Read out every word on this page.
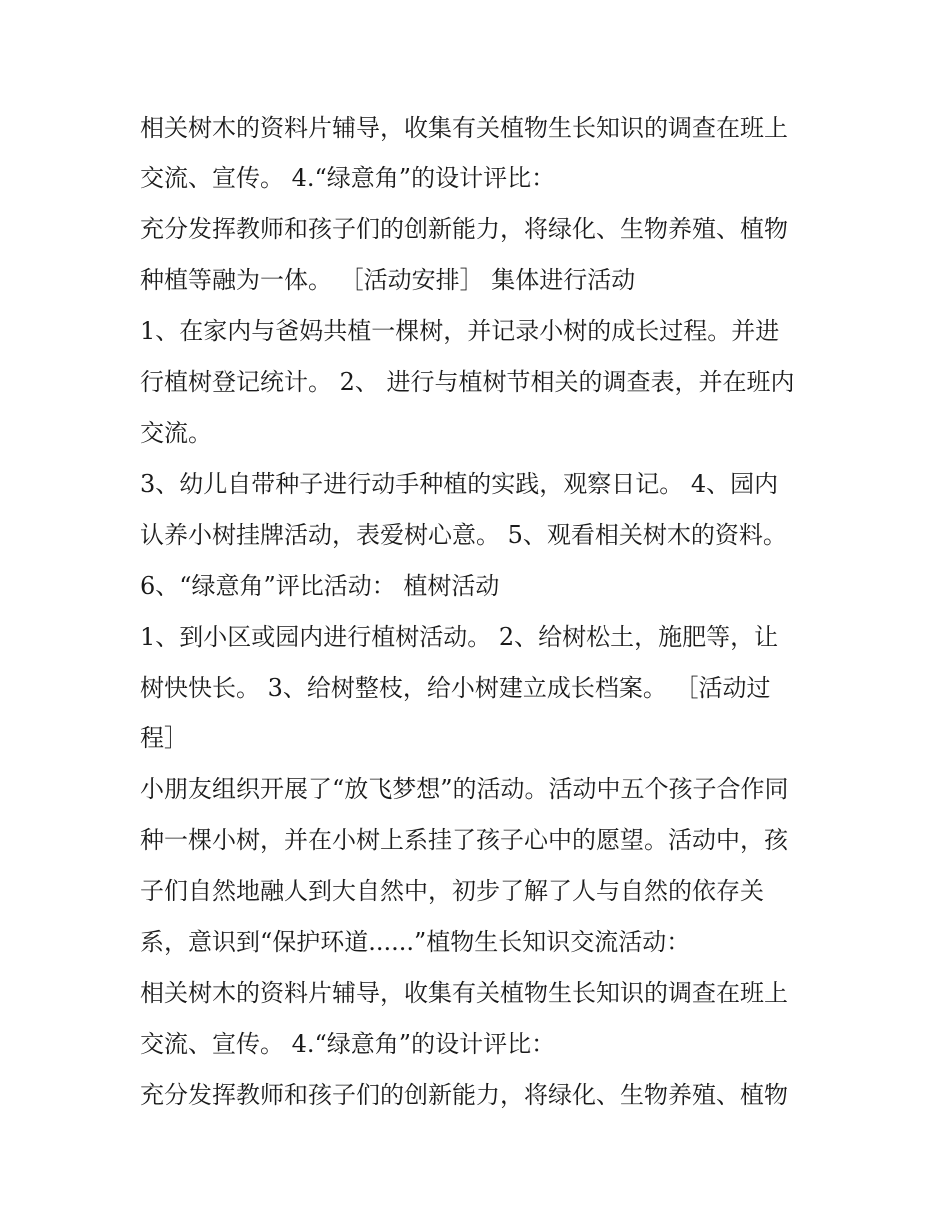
相关树木的资料片辅导，收集有关植物生长知识的调查在班上
交流、宣传。 4.“绿意角”的设计评比：
充分发挥教师和孩子们的创新能力，将绿化、生物养殖、植物
种植等融为一体。 ［活动安排］ 集体进行活动
1、在家内与爸妈共植一棵树，并记录小树的成长过程。并进
行植树登记统计。 2、 进行与植树节相关的调查表，并在班内
交流。
3、幼儿自带种子进行动手种植的实践，观察日记。 4、园内
认养小树挂牌活动，表爱树心意。 5、观看相关树木的资料。
6、“绿意角”评比活动： 植树活动
1、到小区或园内进行植树活动。 2、给树松土，施肥等，让
树快快长。 3、给树整枝，给小树建立成长档案。 ［活动过
程］
小朋友组织开展了“放飞梦想”的活动。活动中五个孩子合作同
种一棵小树，并在小树上系挂了孩子心中的愿望。活动中，孩
子们自然地融人到大自然中，初步了解了人与自然的依存关
系，意识到“保护环道......”植物生长知识交流活动：
相关树木的资料片辅导，收集有关植物生长知识的调查在班上
交流、宣传。 4.“绿意角”的设计评比：
充分发挥教师和孩子们的创新能力，将绿化、生物养殖、植物
